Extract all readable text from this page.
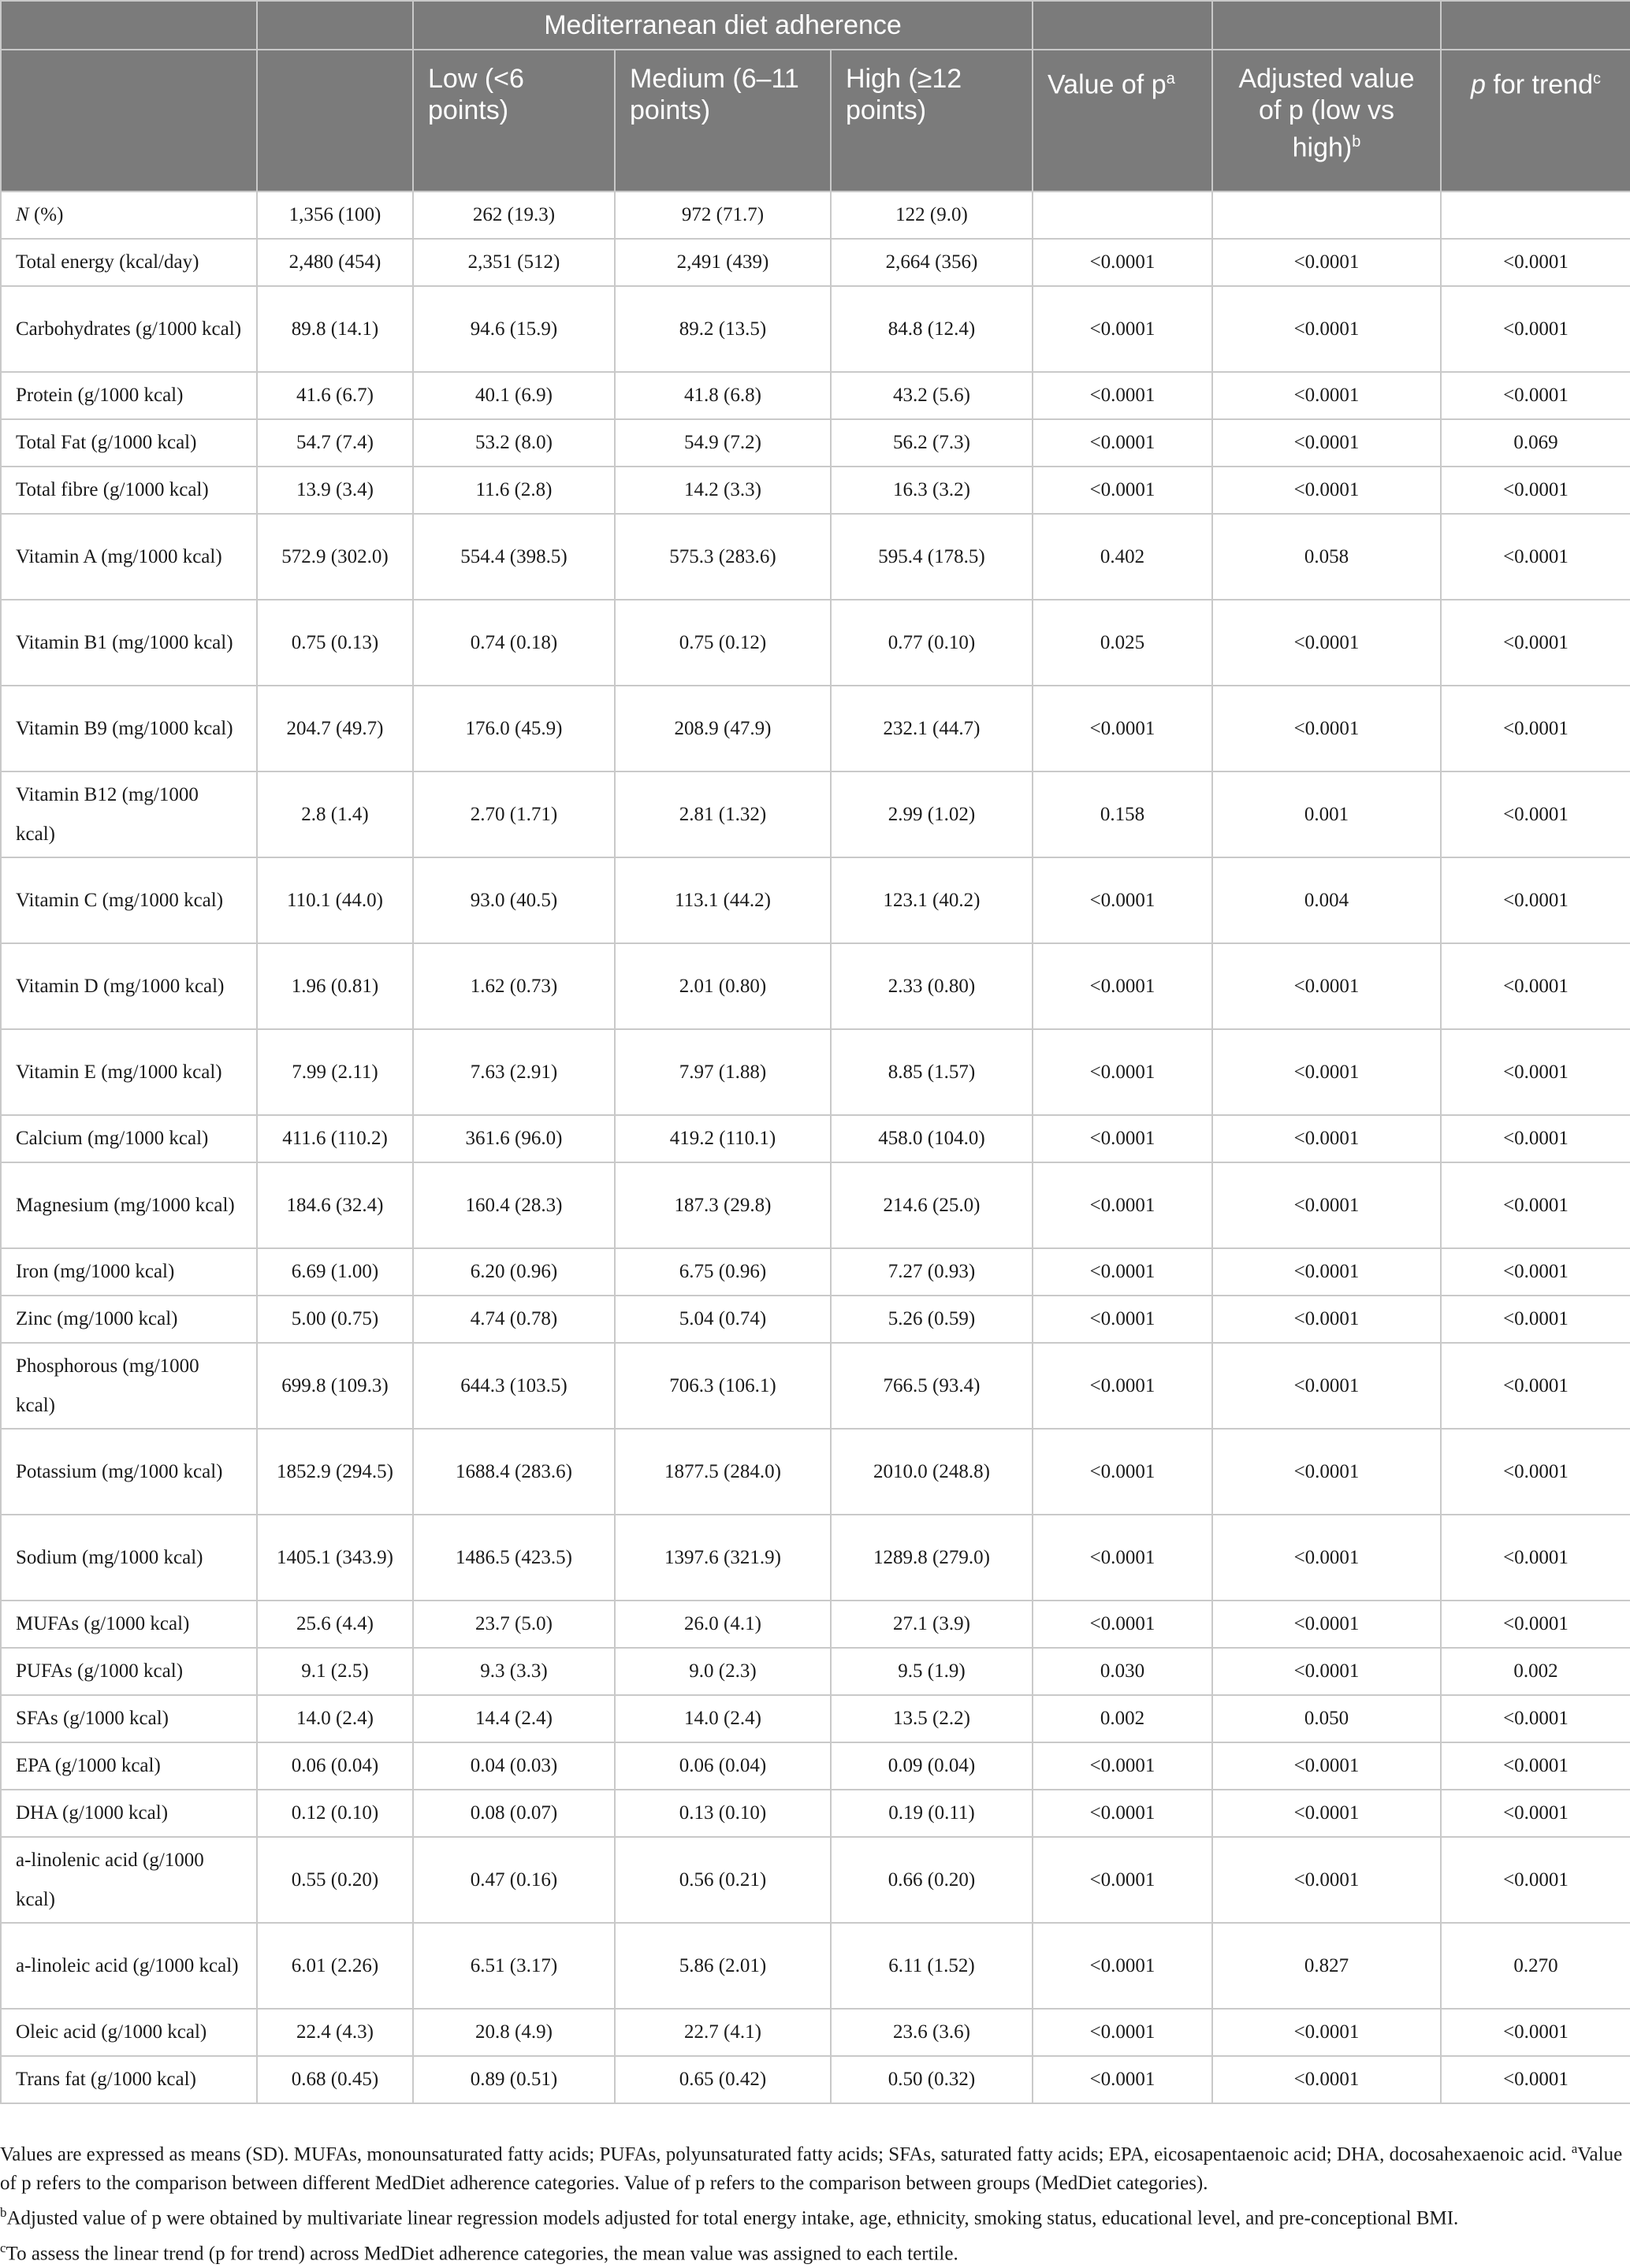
		Mediterranean diet adherence					
		Low (<6 points)	Medium (6–11 points)	High (≥12 points)	Value of $p^a$	Adjusted value of p (low vs high)$^b$	p for trend$^c$
N (%)	1,356 (100)	262 (19.3)	972 (71.7)	122 (9.0)			
Total energy (kcal/day)	2,480 (454)	2,351 (512)	2,491 (439)	2,664 (356)	<0.0001	<0.0001	<0.0001
Carbohydrates (g/1000 kcal)	89.8 (14.1)	94.6 (15.9)	89.2 (13.5)	84.8 (12.4)	<0.0001	<0.0001	<0.0001
Protein (g/1000 kcal)	41.6 (6.7)	40.1 (6.9)	41.8 (6.8)	43.2 (5.6)	<0.0001	<0.0001	<0.0001
Total Fat (g/1000 kcal)	54.7 (7.4)	53.2 (8.0)	54.9 (7.2)	56.2 (7.3)	<0.0001	<0.0001	0.069
Total fibre (g/1000 kcal)	13.9 (3.4)	11.6 (2.8)	14.2 (3.3)	16.3 (3.2)	<0.0001	<0.0001	<0.0001
Vitamin A (mg/1000 kcal)	572.9 (302.0)	554.4 (398.5)	575.3 (283.6)	595.4 (178.5)	0.402	0.058	<0.0001
Vitamin B1 (mg/1000 kcal)	0.75 (0.13)	0.74 (0.18)	0.75 (0.12)	0.77 (0.10)	0.025	<0.0001	<0.0001
Vitamin B9 (mg/1000 kcal)	204.7 (49.7)	176.0 (45.9)	208.9 (47.9)	232.1 (44.7)	<0.0001	<0.0001	<0.0001
Vitamin B12 (mg/1000 kcal)	2.8 (1.4)	2.70 (1.71)	2.81 (1.32)	2.99 (1.02)	0.158	0.001	<0.0001
Vitamin C (mg/1000 kcal)	110.1 (44.0)	93.0 (40.5)	113.1 (44.2)	123.1 (40.2)	<0.0001	0.004	<0.0001
Vitamin D (mg/1000 kcal)	1.96 (0.81)	1.62 (0.73)	2.01 (0.80)	2.33 (0.80)	<0.0001	<0.0001	<0.0001
Vitamin E (mg/1000 kcal)	7.99 (2.11)	7.63 (2.91)	7.97 (1.88)	8.85 (1.57)	<0.0001	<0.0001	<0.0001
Calcium (mg/1000 kcal)	411.6 (110.2)	361.6 (96.0)	419.2 (110.1)	458.0 (104.0)	<0.0001	<0.0001	<0.0001
Magnesium (mg/1000 kcal)	184.6 (32.4)	160.4 (28.3)	187.3 (29.8)	214.6 (25.0)	<0.0001	<0.0001	<0.0001
Iron (mg/1000 kcal)	6.69 (1.00)	6.20 (0.96)	6.75 (0.96)	7.27 (0.93)	<0.0001	<0.0001	<0.0001
Zinc (mg/1000 kcal)	5.00 (0.75)	4.74 (0.78)	5.04 (0.74)	5.26 (0.59)	<0.0001	<0.0001	<0.0001
Phosphorous (mg/1000 kcal)	699.8 (109.3)	644.3 (103.5)	706.3 (106.1)	766.5 (93.4)	<0.0001	<0.0001	<0.0001
Potassium (mg/1000 kcal)	1852.9 (294.5)	1688.4 (283.6)	1877.5 (284.0)	2010.0 (248.8)	<0.0001	<0.0001	<0.0001
Sodium (mg/1000 kcal)	1405.1 (343.9)	1486.5 (423.5)	1397.6 (321.9)	1289.8 (279.0)	<0.0001	<0.0001	<0.0001
MUFAs (g/1000 kcal)	25.6 (4.4)	23.7 (5.0)	26.0 (4.1)	27.1 (3.9)	<0.0001	<0.0001	<0.0001
PUFAs (g/1000 kcal)	9.1 (2.5)	9.3 (3.3)	9.0 (2.3)	9.5 (1.9)	0.030	<0.0001	0.002
SFAs (g/1000 kcal)	14.0 (2.4)	14.4 (2.4)	14.0 (2.4)	13.5 (2.2)	0.002	0.050	<0.0001
EPA (g/1000 kcal)	0.06 (0.04)	0.04 (0.03)	0.06 (0.04)	0.09 (0.04)	<0.0001	<0.0001	<0.0001
DHA (g/1000 kcal)	0.12 (0.10)	0.08 (0.07)	0.13 (0.10)	0.19 (0.11)	<0.0001	<0.0001	<0.0001
a-linolenic acid (g/1000 kcal)	0.55 (0.20)	0.47 (0.16)	0.56 (0.21)	0.66 (0.20)	<0.0001	<0.0001	<0.0001
a-linoleic acid (g/1000 kcal)	6.01 (2.26)	6.51 (3.17)	5.86 (2.01)	6.11 (1.52)	<0.0001	0.827	0.270
Oleic acid (g/1000 kcal)	22.4 (4.3)	20.8 (4.9)	22.7 (4.1)	23.6 (3.6)	<0.0001	<0.0001	<0.0001
Trans fat (g/1000 kcal)	0.68 (0.45)	0.89 (0.51)	0.65 (0.42)	0.50 (0.32)	<0.0001	<0.0001	<0.0001

Values are expressed as means (SD). MUFAs, monounsaturated fatty acids; PUFAs, polyunsaturated fatty acids; SFAs, saturated fatty acids; EPA, eicosapentaenoic acid; DHA, docosahexaenoic acid. $^a$Value of p refers to the comparison between different MedDiet adherence categories. Value of p refers to the comparison between groups (MedDiet categories).

$^b$Adjusted value of p were obtained by multivariate linear regression models adjusted for total energy intake, age, ethnicity, smoking status, educational level, and pre-conceptional BMI.

$^c$To assess the linear trend (p for trend) across MedDiet adherence categories, the mean value was assigned to each tertile.
